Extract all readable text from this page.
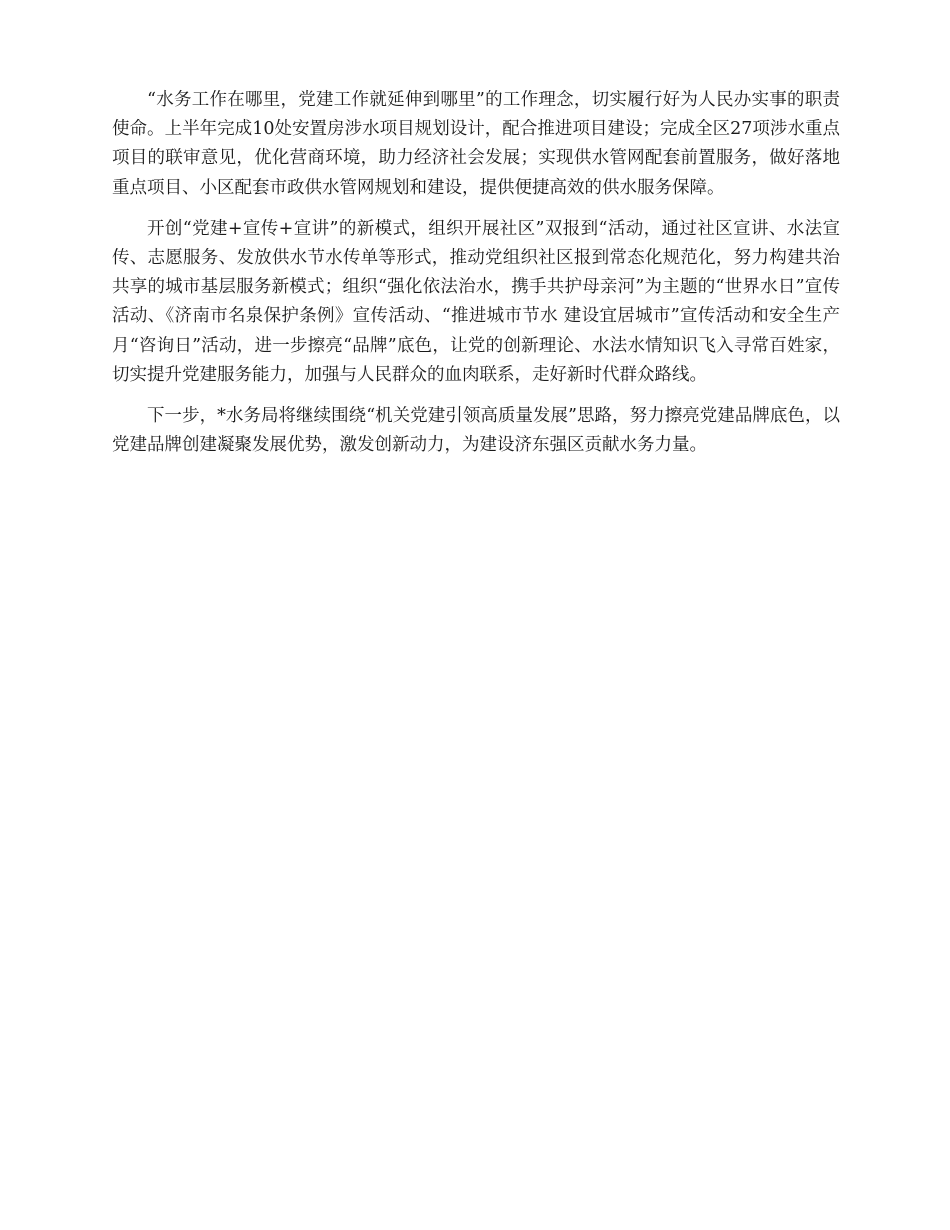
“水务工作在哪里，党建工作就延伸到哪里”的工作理念，切实履行好为人民办实事的职责使命。上半年完成10处安置房涉水项目规划设计，配合推进项目建设；完成全区27项涉水重点项目的联审意见，优化营商环境，助力经济社会发展；实现供水管网配套前置服务，做好落地重点项目、小区配套市政供水管网规划和建设，提供便捷高效的供水服务保障。

开创“党建+宣传+宣讲”的新模式，组织开展社区”双报到“活动，通过社区宣讲、水法宣传、志愿服务、发放供水节水传单等形式，推动党组织社区报到常态化规范化，努力构建共治共享的城市基层服务新模式；组织“强化依法治水，携手共护母亲河”为主题的“世界水日”宣传活动、《济南市名泉保护条例》宣传活动、“推进城市节水 建设宜居城市”宣传活动和安全生产月“咨询日”活动，进一步擦亮“品牌”底色，让党的创新理论、水法水情知识飞入寻常百姓家，切实提升党建服务能力，加强与人民群众的血肉联系，走好新时代群众路线。

下一步，*水务局将继续围绕“机关党建引领高质量发展”思路，努力擦亮党建品牌底色，以党建品牌创建凝聚发展优势，激发创新动力，为建设济东强区贡献水务力量。
